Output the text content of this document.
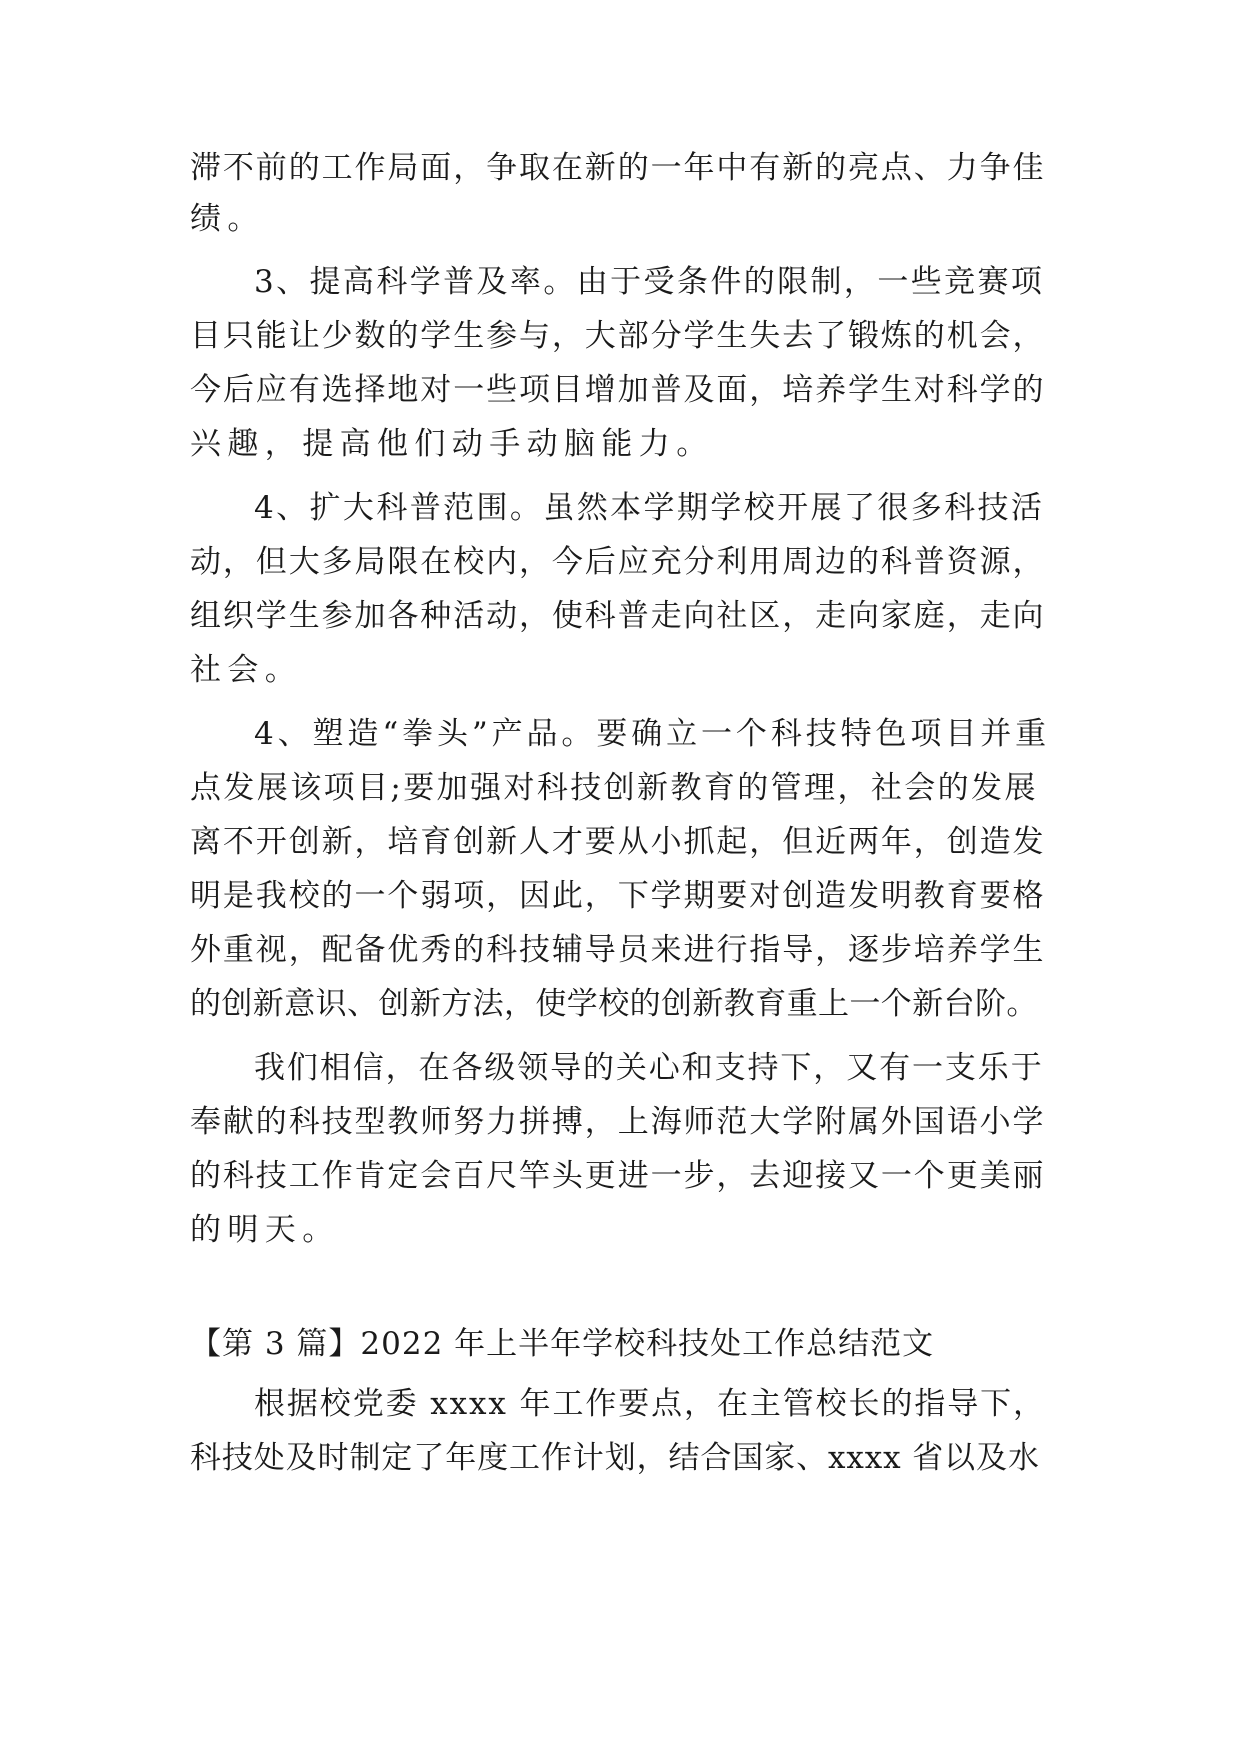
滞不前的工作局面，争取在新的一年中有新的亮点、力争佳
绩。
3、提高科学普及率。由于受条件的限制，一些竞赛项
目只能让少数的学生参与，大部分学生失去了锻炼的机会，
今后应有选择地对一些项目增加普及面，培养学生对科学的
兴趣，提高他们动手动脑能力。
4、扩大科普范围。虽然本学期学校开展了很多科技活
动，但大多局限在校内，今后应充分利用周边的科普资源，
组织学生参加各种活动，使科普走向社区，走向家庭，走向
社会。
4、塑造“拳头”产品。要确立一个科技特色项目并重
点发展该项目;要加强对科技创新教育的管理，社会的发展
离不开创新，培育创新人才要从小抓起，但近两年，创造发
明是我校的一个弱项，因此，下学期要对创造发明教育要格
外重视，配备优秀的科技辅导员来进行指导，逐步培养学生
的创新意识、创新方法，使学校的创新教育重上一个新台阶。
我们相信，在各级领导的关心和支持下，又有一支乐于
奉献的科技型教师努力拼搏，上海师范大学附属外国语小学
的科技工作肯定会百尺竿头更进一步，去迎接又一个更美丽
的明天。
【第 3 篇】2022 年上半年学校科技处工作总结范文
根据校党委 xxxx 年工作要点，在主管校长的指导下，
科技处及时制定了年度工作计划，结合国家、xxxx 省以及水
